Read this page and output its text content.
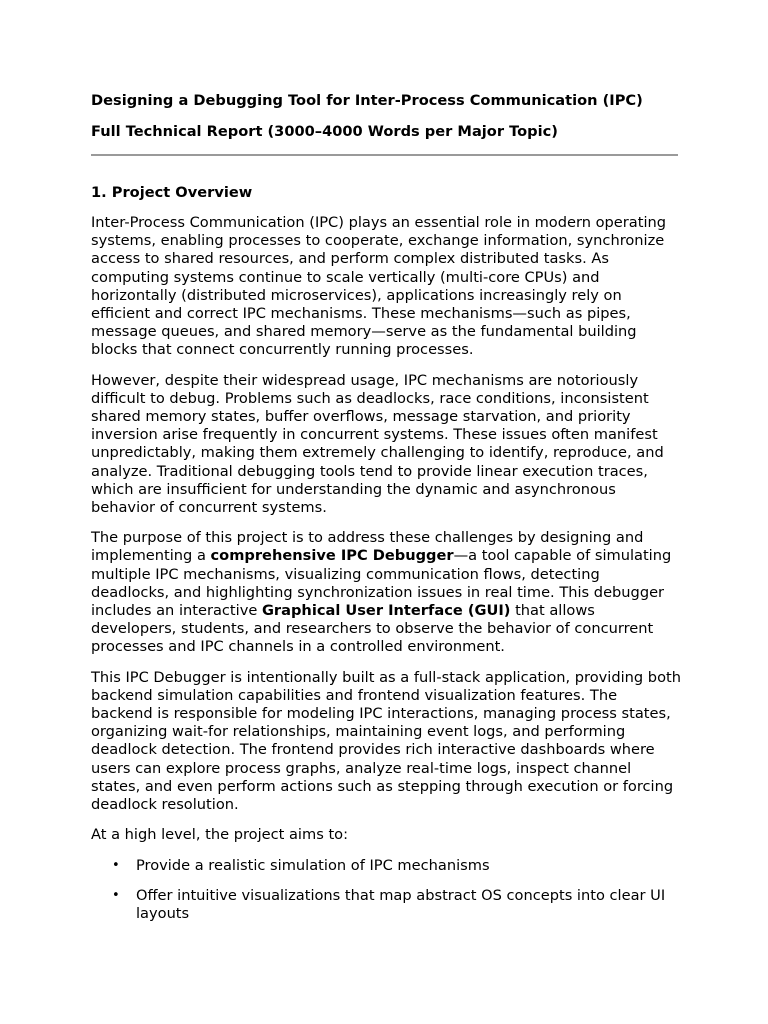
Designing a Debugging Tool for Inter-Process Communication (IPC)
Full Technical Report (3000–4000 Words per Major Topic)
1. Project Overview

Inter-Process Communication (IPC) plays an essential role in modern operating systems, enabling processes to cooperate, exchange information, synchronize access to shared resources, and perform complex distributed tasks. As computing systems continue to scale vertically (multi-core CPUs) and horizontally (distributed microservices), applications increasingly rely on efficient and correct IPC mechanisms. These mechanisms—such as pipes, message queues, and shared memory—serve as the fundamental building blocks that connect concurrently running processes.

However, despite their widespread usage, IPC mechanisms are notoriously difficult to debug. Problems such as deadlocks, race conditions, inconsistent shared memory states, buffer overflows, message starvation, and priority inversion arise frequently in concurrent systems. These issues often manifest unpredictably, making them extremely challenging to identify, reproduce, and analyze. Traditional debugging tools tend to provide linear execution traces, which are insufficient for understanding the dynamic and asynchronous behavior of concurrent systems.

The purpose of this project is to address these challenges by designing and implementing a comprehensive IPC Debugger—a tool capable of simulating multiple IPC mechanisms, visualizing communication flows, detecting deadlocks, and highlighting synchronization issues in real time. This debugger includes an interactive Graphical User Interface (GUI) that allows developers, students, and researchers to observe the behavior of concurrent processes and IPC channels in a controlled environment.

This IPC Debugger is intentionally built as a full-stack application, providing both backend simulation capabilities and frontend visualization features. The backend is responsible for modeling IPC interactions, managing process states, organizing wait-for relationships, maintaining event logs, and performing deadlock detection. The frontend provides rich interactive dashboards where users can explore process graphs, analyze real-time logs, inspect channel states, and even perform actions such as stepping through execution or forcing deadlock resolution.

At a high level, the project aims to:

• Provide a realistic simulation of IPC mechanisms
• Offer intuitive visualizations that map abstract OS concepts into clear UI layouts
